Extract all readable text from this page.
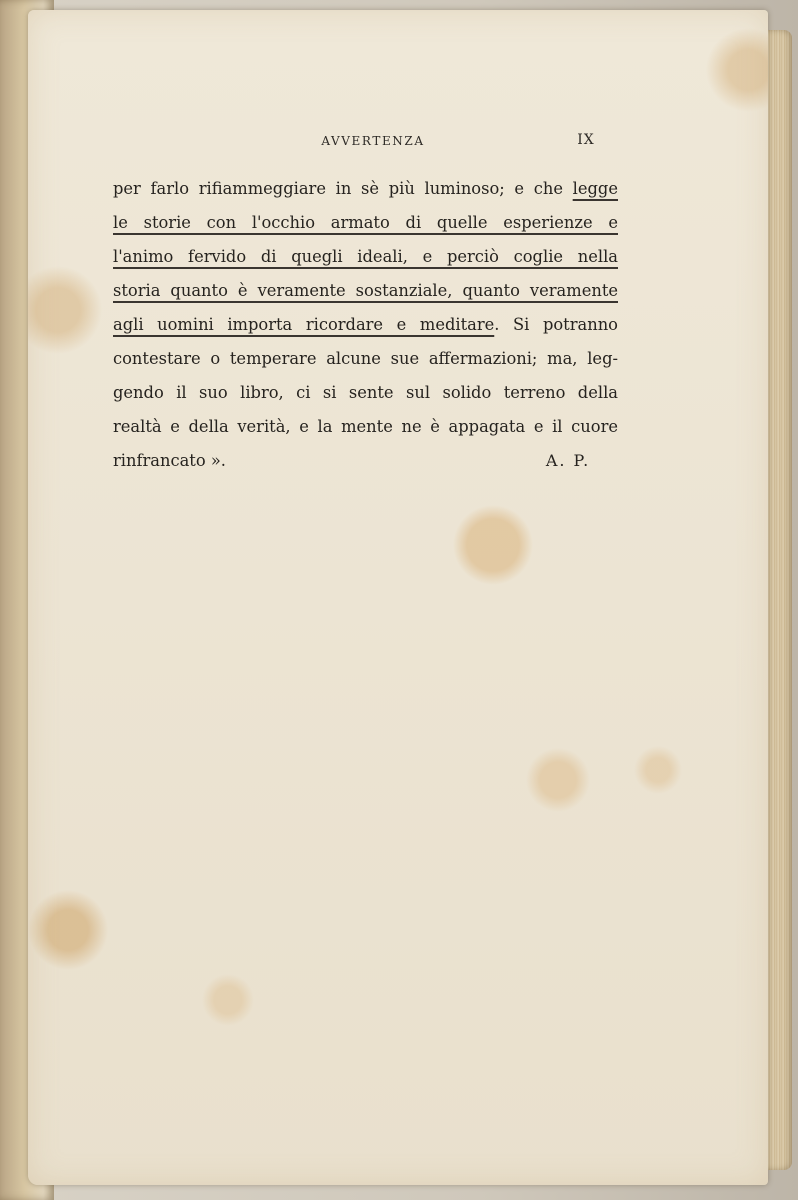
AVVERTENZA	IX
per farlo rifiammeggiare in sè più luminoso; e che legge
le storie con l'occhio armato di quelle esperienze e
l'animo fervido di quegli ideali, e perciò coglie nella
storia quanto è veramente sostanziale, quanto veramente
agli uomini importa ricordare e meditare. Si potranno
contestare o temperare alcune sue affermazioni; ma, leg-
gendo il suo libro, ci si sente sul solido terreno della
realtà e della verità, e la mente ne è appagata e il cuore
rinfrancato ».	A. P.
